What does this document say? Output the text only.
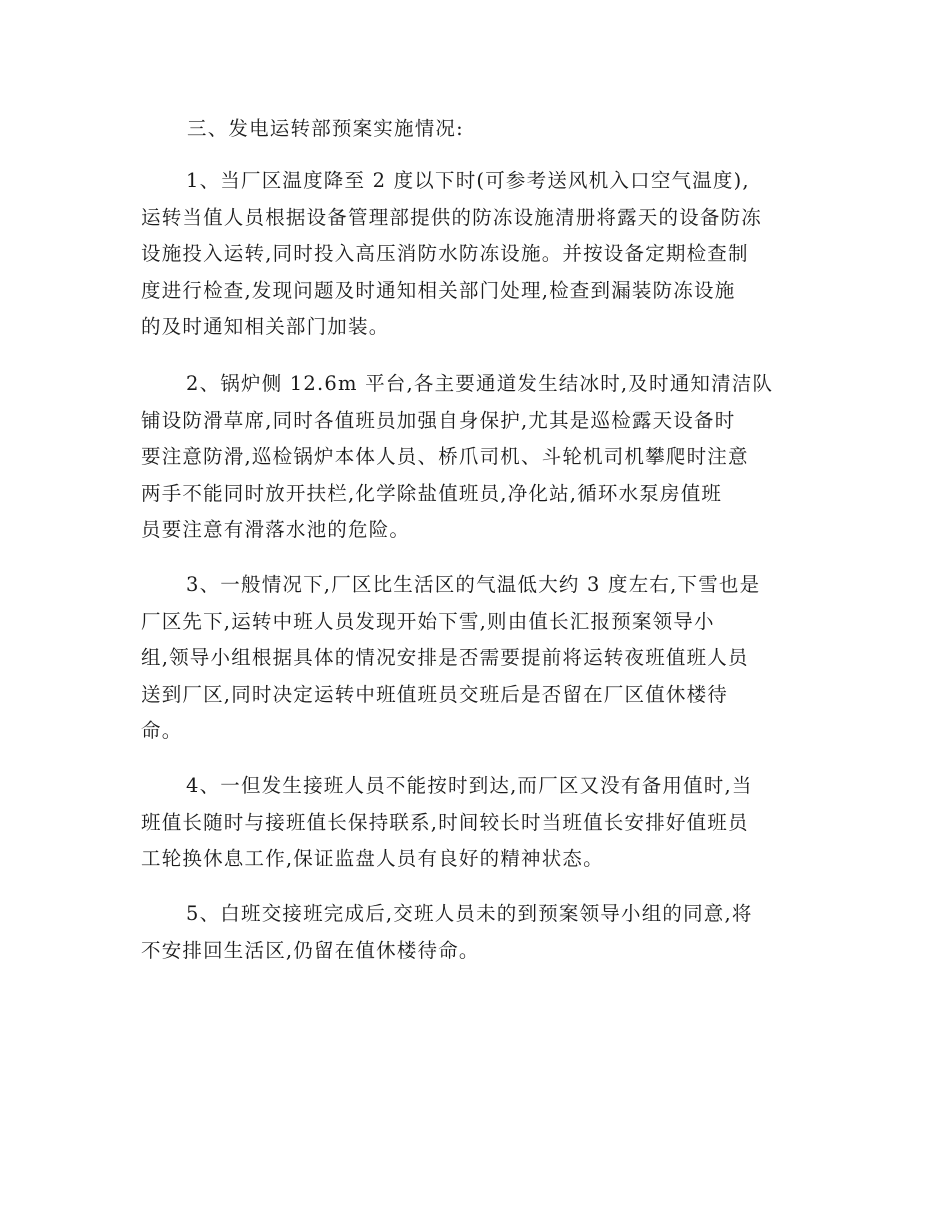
三、发电运转部预案实施情况:
1、当厂区温度降至 2 度以下时(可参考送风机入口空气温度),
运转当值人员根据设备管理部提供的防冻设施清册将露天的设备防冻
设施投入运转,同时投入高压消防水防冻设施。并按设备定期检查制
度进行检查,发现问题及时通知相关部门处理,检查到漏装防冻设施
的及时通知相关部门加装。
2、锅炉侧 12.6m 平台,各主要通道发生结冰时,及时通知清洁队
铺设防滑草席,同时各值班员加强自身保护,尤其是巡检露天设备时
要注意防滑,巡检锅炉本体人员、桥爪司机、斗轮机司机攀爬时注意
两手不能同时放开扶栏,化学除盐值班员,净化站,循环水泵房值班
员要注意有滑落水池的危险。
3、一般情况下,厂区比生活区的气温低大约 3 度左右,下雪也是
厂区先下,运转中班人员发现开始下雪,则由值长汇报预案领导小
组,领导小组根据具体的情况安排是否需要提前将运转夜班值班人员
送到厂区,同时决定运转中班值班员交班后是否留在厂区值休楼待
命。
4、一但发生接班人员不能按时到达,而厂区又没有备用值时,当
班值长随时与接班值长保持联系,时间较长时当班值长安排好值班员
工轮换休息工作,保证监盘人员有良好的精神状态。
5、白班交接班完成后,交班人员未的到预案领导小组的同意,将
不安排回生活区,仍留在值休楼待命。
